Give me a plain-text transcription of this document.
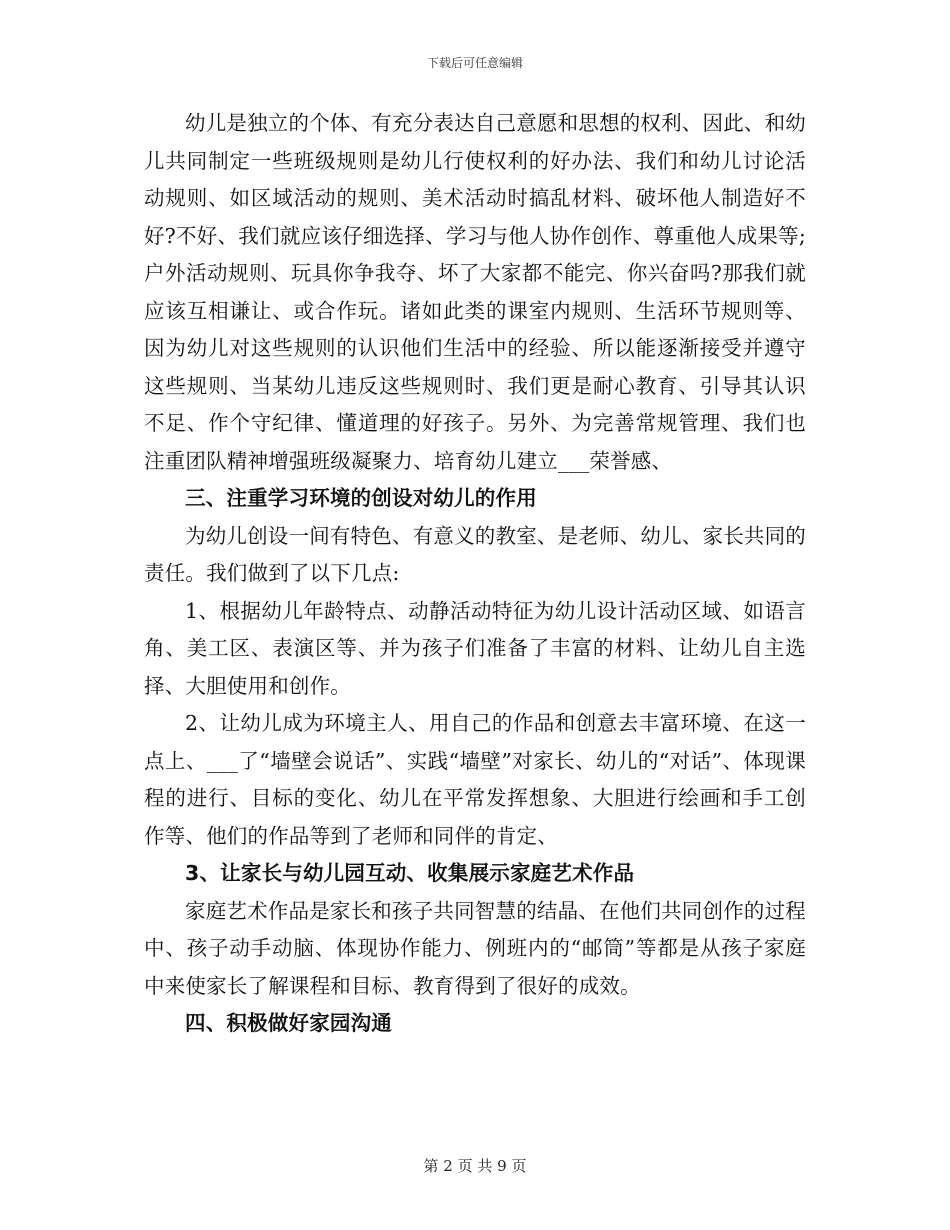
下载后可任意编辑

幼儿是独立的个体、有充分表达自己意愿和思想的权利、因此、和幼儿共同制定一些班级规则是幼儿行使权利的好办法、我们和幼儿讨论活动规则、如区域活动的规则、美术活动时搞乱材料、破坏他人制造好不好?不好、我们就应该仔细选择、学习与他人协作创作、尊重他人成果等;户外活动规则、玩具你争我夺、坏了大家都不能完、你兴奋吗?那我们就应该互相谦让、或合作玩。诸如此类的课室内规则、生活环节规则等、因为幼儿对这些规则的认识他们生活中的经验、所以能逐渐接受并遵守这些规则、当某幼儿违反这些规则时、我们更是耐心教育、引导其认识不足、作个守纪律、懂道理的好孩子。另外、为完善常规管理、我们也注重团队精神增强班级凝聚力、培育幼儿建立___荣誉感、

三、注重学习环境的创设对幼儿的作用

为幼儿创设一间有特色、有意义的教室、是老师、幼儿、家长共同的责任。我们做到了以下几点:

1、根据幼儿年龄特点、动静活动特征为幼儿设计活动区域、如语言角、美工区、表演区等、并为孩子们准备了丰富的材料、让幼儿自主选择、大胆使用和创作。

2、让幼儿成为环境主人、用自己的作品和创意去丰富环境、在这一点上、___了“墙壁会说话”、实践“墙壁”对家长、幼儿的“对话”、体现课程的进行、目标的变化、幼儿在平常发挥想象、大胆进行绘画和手工创作等、他们的作品等到了老师和同伴的肯定、

3、让家长与幼儿园互动、收集展示家庭艺术作品

家庭艺术作品是家长和孩子共同智慧的结晶、在他们共同创作的过程中、孩子动手动脑、体现协作能力、例班内的“邮筒”等都是从孩子家庭中来使家长了解课程和目标、教育得到了很好的成效。

四、积极做好家园沟通

第 2 页 共 9 页
